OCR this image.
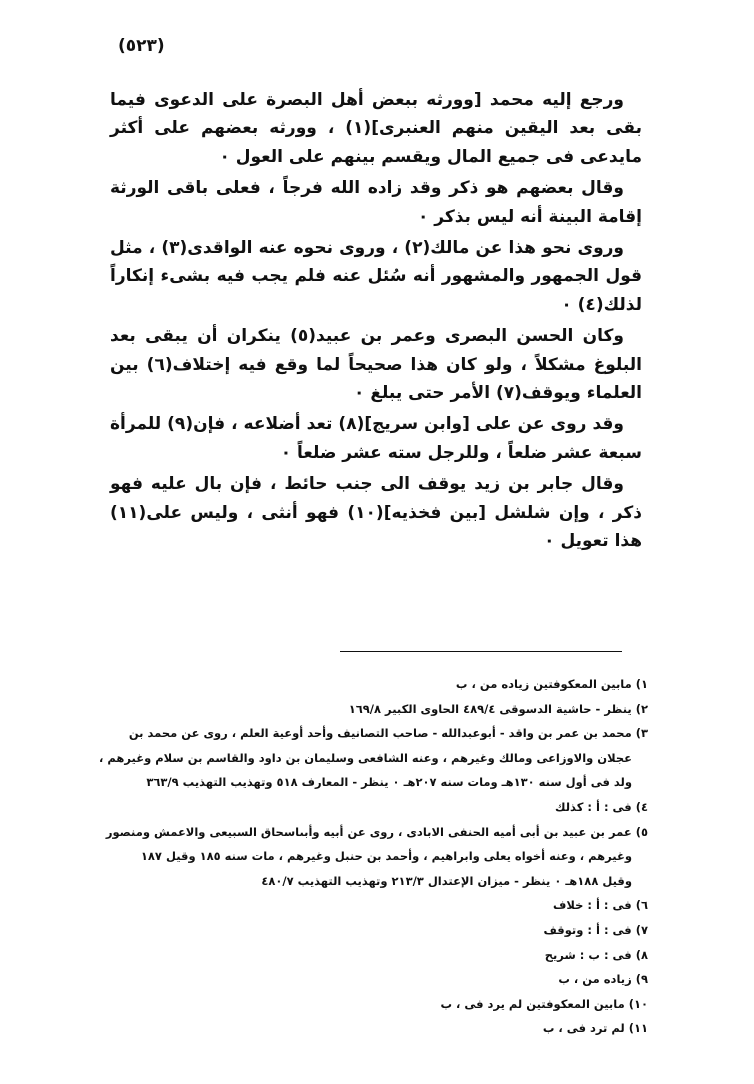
(٥٢٣)

ورجع إليه محمد [وورثه ببعض أهل البصرة على الدعوى فيما بقى بعد اليقين منهم العنبرى](١) ، وورثه بعضهم على أكثر مايدعى فى جميع المال ويقسم بينهم على العول ٠

وقال بعضهم هو ذكر وقد زاده الله فرجاً ، فعلى باقى الورثة إقامة البينة أنه ليس بذكر ٠

وروى نحو هذا عن مالك(٢) ، وروى نحوه عنه الواقدى(٣) ، مثل قول الجمهور والمشهور أنه سُئل عنه فلم يجب فيه بشىء إنكاراً لذلك(٤) ٠

وكان الحسن البصرى وعمر بن عبيد(٥) ينكران أن يبقى بعد البلوغ مشكلاً ، ولو كان هذا صحيحاً لما وقع فيه إختلاف(٦) بين العلماء ويوقف(٧) الأمر حتى يبلغ ٠

وقد روى عن على [وابن سريج](٨) تعد أضلاعه ، فإن(٩) للمرأة سبعة عشر ضلعاً ، وللرجل سته عشر ضلعاً ٠

وقال جابر بن زيد يوقف الى جنب حائط ، فإن بال عليه فهو ذكر ، وإن شلشل [بين فخذيه](١٠) فهو أنثى ، وليس على(١١) هذا تعويل ٠

١) مابين المعكوفتين زياده من ، ب
٢) ينظر - حاشية الدسوقى ٤٨٩/٤ الحاوى الكبير ١٦٩/٨
٣) محمد بن عمر بن واقد - أبوعبدالله - صاحب التصانيف وأحد أوعية العلم ، روى عن محمد بن
عجلان والاوزاعى ومالك وغيرهم ، وعنه الشافعى وسليمان بن داود والقاسم بن سلام وغيرهم ،
ولد فى أول سنه ١٣٠هـ ومات سنه ٢٠٧هـ ٠ ينظر - المعارف ٥١٨ وتهذيب التهذيب ٣٦٣/٩
٤) فى : أ : كذلك
٥) عمر بن عبيد بن أبى أميه الحنفى الابادى ، روى عن أبيه وأبىاسحاق السبيعى والاعمش ومنصور
وغيرهم ، وعنه أخواه يعلى وابراهيم ، وأحمد بن حنبل وغيرهم ، مات سنه ١٨٥ وقيل ١٨٧
وقيل ١٨٨هـ ٠ ينظر - ميزان الإعتدال ٢١٣/٣ وتهذيب التهذيب ٤٨٠/٧
٦) فى : أ : خلاف
٧) فى : أ : وتوقف
٨) فى : ب : شريح
٩) زياده من ، ب
١٠) مابين المعكوفتين لم يرد فى ، ب
١١) لم ترد فى ، ب
